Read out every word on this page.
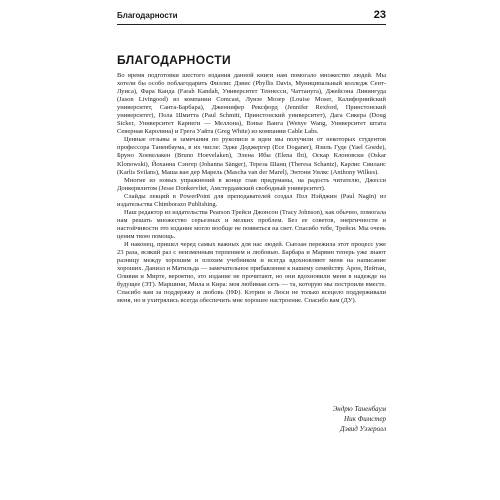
Благодарности	23
БЛАГОДАРНОСТИ

Во время подготовки шестого издания данной книги нам помогало множество людей. Мы хотели бы особо поблагодарить Филлис Дэвис (Phyllis Davis, Муниципальный колледж Сент-Луиса), Фара Канда (Farah Kandah, Университет Теннесси, Чаттануга), Джейсона Ливингуда (Jason Livingood) из компании Comcast, Луизе Мозер (Louise Moser, Калифорнийский университет, Санта-Барбара), Дженнифер Рексфорд (Jennifer Rexford, Принстонский университет), Пола Шмитта (Paul Schmitt, Принстонский университет), Дага Сикера (Doug Sicker, Университет Карнеги — Меллона), Вэнье Ванга (Wenye Wang, Университет штата Северная Каролина) и Грега Уайта (Greg White) из компании Cable Labs.

Ценные отзывы и замечания по рукописи и идеи мы получили от некоторых студентов профессора Таненбаума, в их числе: Эдже Доджергер (Ece Doganer), Язиль Гуде (Yael Goede), Бруно Хоевелакен (Bruno Hoevelaken), Элена Ибы (Elena Ibi), Оскар Клоновски (Oskar Klonowski), Йоханна Сэнгер (Johanna Sänger), Тереза Шанц (Theresa Schantz), Карлис Свиланс (Karlis Svilans), Маша ван дер Марель (Mascha van der Marel), Энтони Уилкс (Anthony Wilkes).

Многие из новых упражнений в конце глав придуманы, на радость читателю, Джесси Донкервлитом (Jesse Donkervliet, Амстердамский свободный университет).

Слайды лекций в PowerPoint для преподавателей создал Пол Нэйджин (Paul Nagin) из издательства Chimborazo Publishing.

Наш редактор из издательства Pearson Трейси Джонсон (Tracy Johnson), как обычно, помогала нам решать множество серьезных и мелких проблем. Без ее советов, энергичности и настойчивости это издание могло вообще не появиться на свет. Спасибо тебе, Трейси. Мы очень ценим твою помощь.

И наконец, пришел черед самых важных для нас людей. Сьюзан пережила этот процесс уже 23 раза, всякий раз с неизменным терпением и любовью. Барбара и Марвин теперь уже знают разницу между хорошим и плохим учебником и всегда вдохновляют меня на написание хороших. Даниэл и Матильда — замечательное прибавление к нашему семейству. Арон, Нейтан, Оливия и Мирте, вероятно, это издание не прочитают, но они вдохновили меня в надежде на будущее (ЭТ). Маршини, Мила и Кира: моя любимая сеть — та, которую мы построили вместе. Спасибо вам за поддержку и любовь (НФ). Кэтрин и Люси не только всецело поддерживали меня, но и ухитрялись всегда обеспечить мне хорошее настроение. Спасибо вам (ДУ).

Эндрю Таненбаум
Ник Фимстер
Дэвид Уэзеролл
